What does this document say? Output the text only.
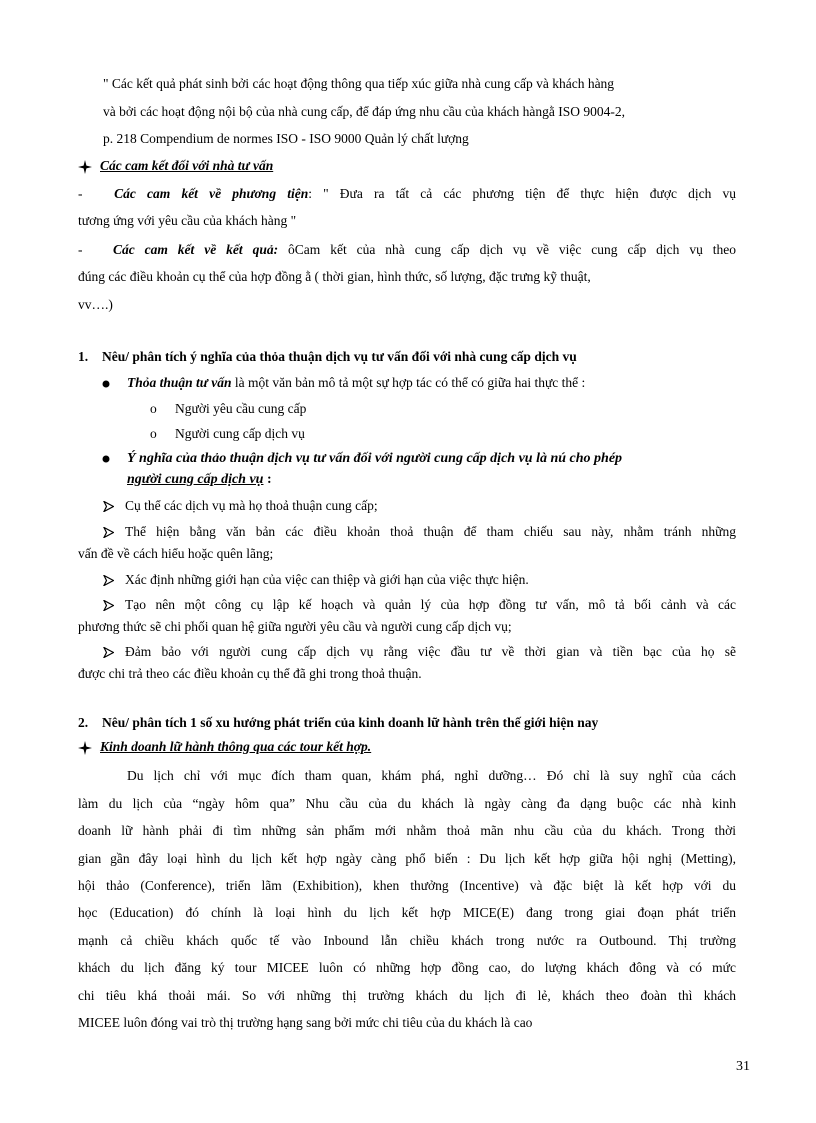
" Các kết quả phát sinh bởi các hoạt động thông qua tiếp xúc giữa nhà cung cấp và khách hàng
và bởi các hoạt động nội bộ của nhà cung cấp, để đáp ứng nhu cầu của khách hàngằ ISO 9004-2,
p. 218 Compendium de normes ISO - ISO 9000 Quản lý chất lượng
Các cam kết đối với nhà tư vấn
- Các cam kết về phương tiện: " Đưa ra tất cả các phương tiện để thực hiện được dịch vụ
tương ứng với yêu cầu của khách hàng "
- Các cam kết về kết quả: ôCam kết của nhà cung cấp dịch vụ về việc cung cấp dịch vụ theo
đúng các điều khoản cụ thể của hợp đồng ằ ( thời gian, hình thức, số lượng, đặc trưng kỹ thuật,
vv….)
1. Nêu/ phân tích ý nghĩa của thỏa thuận dịch vụ tư vấn đối với nhà cung cấp dịch vụ
Thỏa thuận tư vấn là một văn bản mô tả một sự hợp tác có thể có giữa hai thực thể :
o Người yêu cầu cung cấp
o Người cung cấp dịch vụ
Ý nghĩa của thảo thuận dịch vụ tư vấn đối với người cung cấp dịch vụ là nú cho phép
người cung cấp dịch vụ :
Cụ thể các dịch vụ mà họ thoả thuận cung cấp;
Thể hiện bằng văn bản các điều khoản thoả thuận để tham chiếu sau này, nhằm tránh những
vấn đề về cách hiểu hoặc quên lãng;
Xác định những giới hạn của việc can thiệp và giới hạn của việc thực hiện.
Tạo nên một công cụ lập kế hoạch và quản lý của hợp đồng tư vấn, mô tả bối cảnh và các
phương thức sẽ chi phối quan hệ giữa người yêu cầu và người cung cấp dịch vụ;
Đảm bảo với người cung cấp dịch vụ rằng việc đầu tư về thời gian và tiền bạc của họ sẽ
được chi trả theo các điều khoản cụ thể đã ghi trong thoả thuận.
2. Nêu/ phân tích 1 số xu hướng phát triển của kinh doanh lữ hành trên thế giới hiện nay
Kinh doanh lữ hành thông qua các tour kết hợp.
Du lịch chỉ với mục đích tham quan, khám phá, nghỉ dưỡng… Đó chỉ là suy nghĩ của cách
làm du lịch của “ngày hôm qua” Nhu cầu của du khách là ngày càng đa dạng buộc các nhà kinh
doanh lữ hành phải đi tìm những sản phẩm mới nhằm thoả mãn nhu cầu của du khách. Trong thời
gian gần đây loại hình du lịch kết hợp ngày càng phổ biến : Du lịch kết hợp giữa hội nghị (Metting),
hội thảo (Conference), triển lãm (Exhibition), khen thưởng (Incentive) và đặc biệt là kết hợp với du
học (Education) đó chính là loại hình du lịch kết hợp MICE(E) đang trong giai đoạn phát triển
mạnh cả chiều khách quốc tế vào Inbound lẫn chiều khách trong nước ra Outbound. Thị trường
khách du lịch đăng ký tour MICEE luôn có những hợp đồng cao, do lượng khách đông và có mức
chi tiêu khá thoải mái. So với những thị trường khách du lịch đi lẻ, khách theo đoàn thì khách
MICEE luôn đóng vai trò thị trường hạng sang bởi mức chi tiêu của du khách là cao
31
